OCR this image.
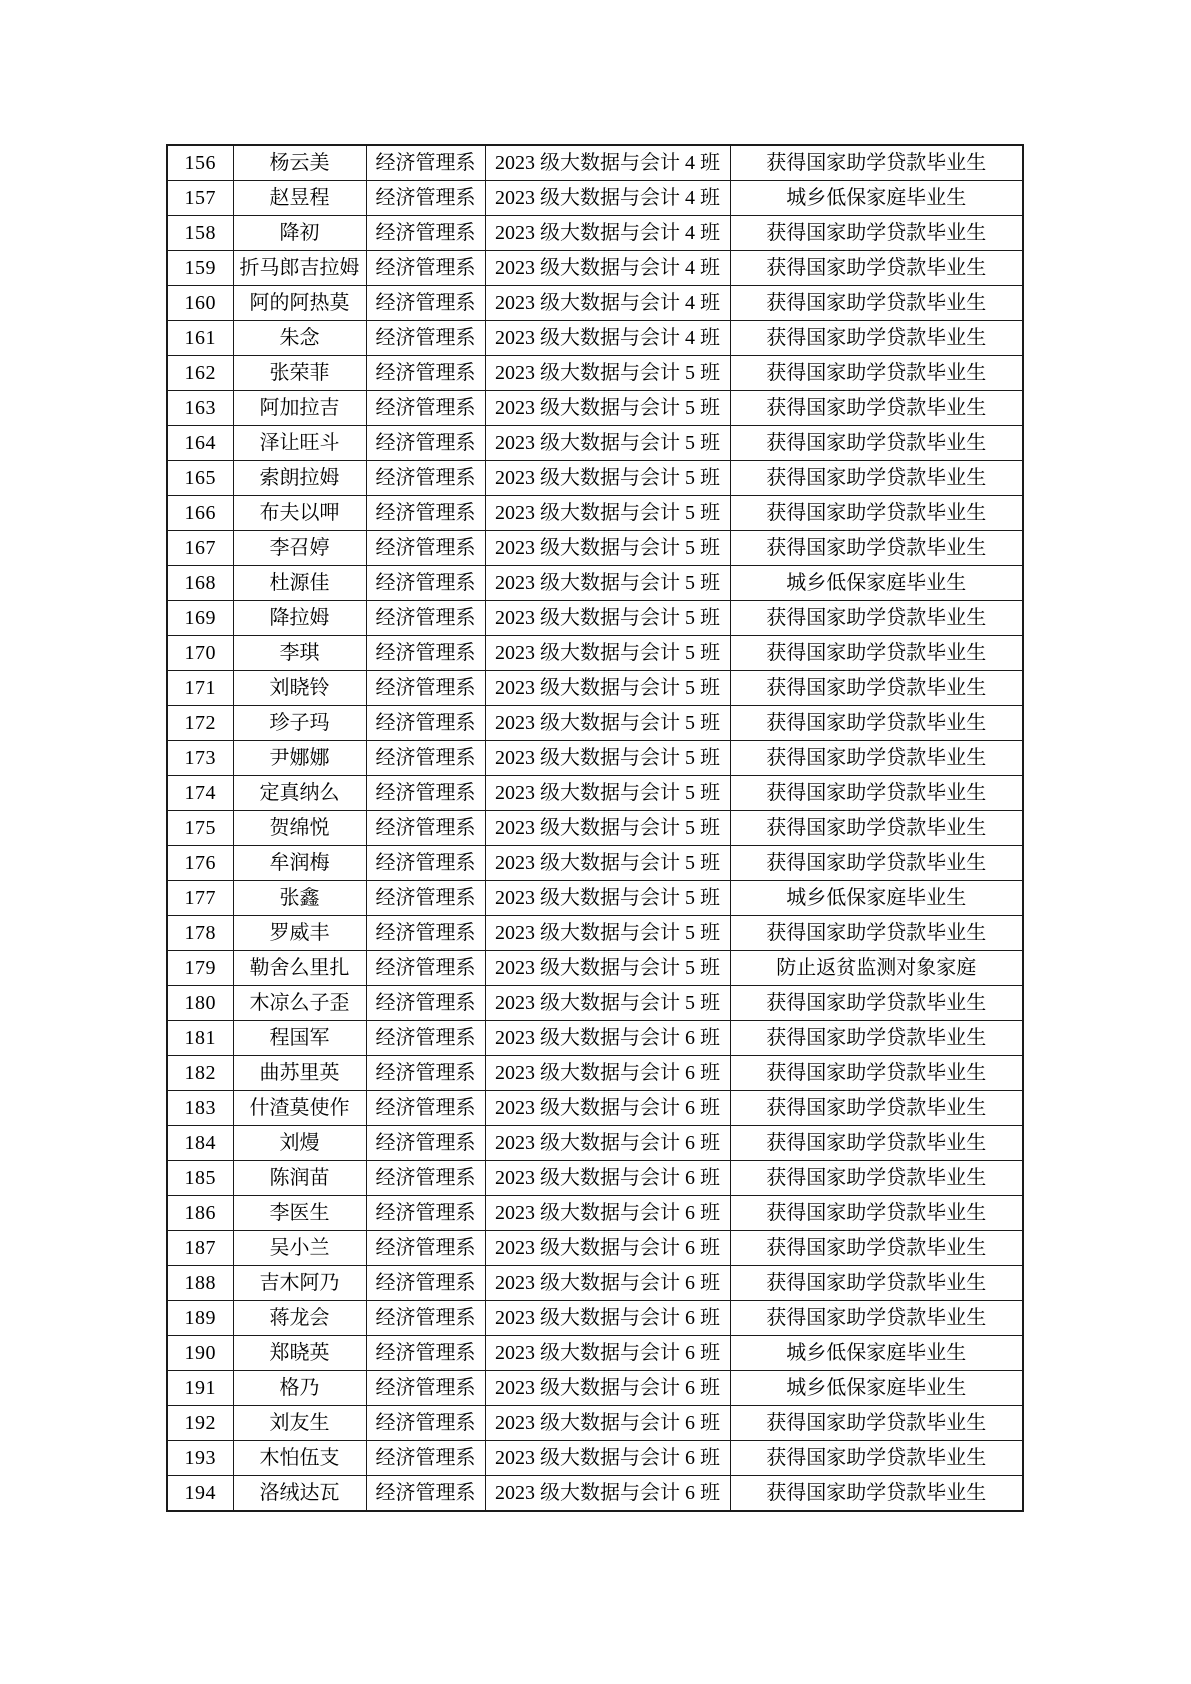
156	杨云美	经济管理系	2023 级大数据与会计 4 班	获得国家助学贷款毕业生
157	赵昱程	经济管理系	2023 级大数据与会计 4 班	城乡低保家庭毕业生
158	降初	经济管理系	2023 级大数据与会计 4 班	获得国家助学贷款毕业生
159	折马郎吉拉姆	经济管理系	2023 级大数据与会计 4 班	获得国家助学贷款毕业生
160	阿的阿热莫	经济管理系	2023 级大数据与会计 4 班	获得国家助学贷款毕业生
161	朱念	经济管理系	2023 级大数据与会计 4 班	获得国家助学贷款毕业生
162	张荣菲	经济管理系	2023 级大数据与会计 5 班	获得国家助学贷款毕业生
163	阿加拉吉	经济管理系	2023 级大数据与会计 5 班	获得国家助学贷款毕业生
164	泽让旺斗	经济管理系	2023 级大数据与会计 5 班	获得国家助学贷款毕业生
165	索朗拉姆	经济管理系	2023 级大数据与会计 5 班	获得国家助学贷款毕业生
166	布夫以呷	经济管理系	2023 级大数据与会计 5 班	获得国家助学贷款毕业生
167	李召婷	经济管理系	2023 级大数据与会计 5 班	获得国家助学贷款毕业生
168	杜源佳	经济管理系	2023 级大数据与会计 5 班	城乡低保家庭毕业生
169	降拉姆	经济管理系	2023 级大数据与会计 5 班	获得国家助学贷款毕业生
170	李琪	经济管理系	2023 级大数据与会计 5 班	获得国家助学贷款毕业生
171	刘晓铃	经济管理系	2023 级大数据与会计 5 班	获得国家助学贷款毕业生
172	珍子玛	经济管理系	2023 级大数据与会计 5 班	获得国家助学贷款毕业生
173	尹娜娜	经济管理系	2023 级大数据与会计 5 班	获得国家助学贷款毕业生
174	定真纳么	经济管理系	2023 级大数据与会计 5 班	获得国家助学贷款毕业生
175	贺绵悦	经济管理系	2023 级大数据与会计 5 班	获得国家助学贷款毕业生
176	牟润梅	经济管理系	2023 级大数据与会计 5 班	获得国家助学贷款毕业生
177	张鑫	经济管理系	2023 级大数据与会计 5 班	城乡低保家庭毕业生
178	罗威丰	经济管理系	2023 级大数据与会计 5 班	获得国家助学贷款毕业生
179	勒舍么里扎	经济管理系	2023 级大数据与会计 5 班	防止返贫监测对象家庭
180	木凉么子歪	经济管理系	2023 级大数据与会计 5 班	获得国家助学贷款毕业生
181	程国军	经济管理系	2023 级大数据与会计 6 班	获得国家助学贷款毕业生
182	曲苏里英	经济管理系	2023 级大数据与会计 6 班	获得国家助学贷款毕业生
183	什渣莫使作	经济管理系	2023 级大数据与会计 6 班	获得国家助学贷款毕业生
184	刘熳	经济管理系	2023 级大数据与会计 6 班	获得国家助学贷款毕业生
185	陈润苗	经济管理系	2023 级大数据与会计 6 班	获得国家助学贷款毕业生
186	李医生	经济管理系	2023 级大数据与会计 6 班	获得国家助学贷款毕业生
187	吴小兰	经济管理系	2023 级大数据与会计 6 班	获得国家助学贷款毕业生
188	吉木阿乃	经济管理系	2023 级大数据与会计 6 班	获得国家助学贷款毕业生
189	蒋龙会	经济管理系	2023 级大数据与会计 6 班	获得国家助学贷款毕业生
190	郑晓英	经济管理系	2023 级大数据与会计 6 班	城乡低保家庭毕业生
191	格乃	经济管理系	2023 级大数据与会计 6 班	城乡低保家庭毕业生
192	刘友生	经济管理系	2023 级大数据与会计 6 班	获得国家助学贷款毕业生
193	木怕伍支	经济管理系	2023 级大数据与会计 6 班	获得国家助学贷款毕业生
194	洛绒达瓦	经济管理系	2023 级大数据与会计 6 班	获得国家助学贷款毕业生
